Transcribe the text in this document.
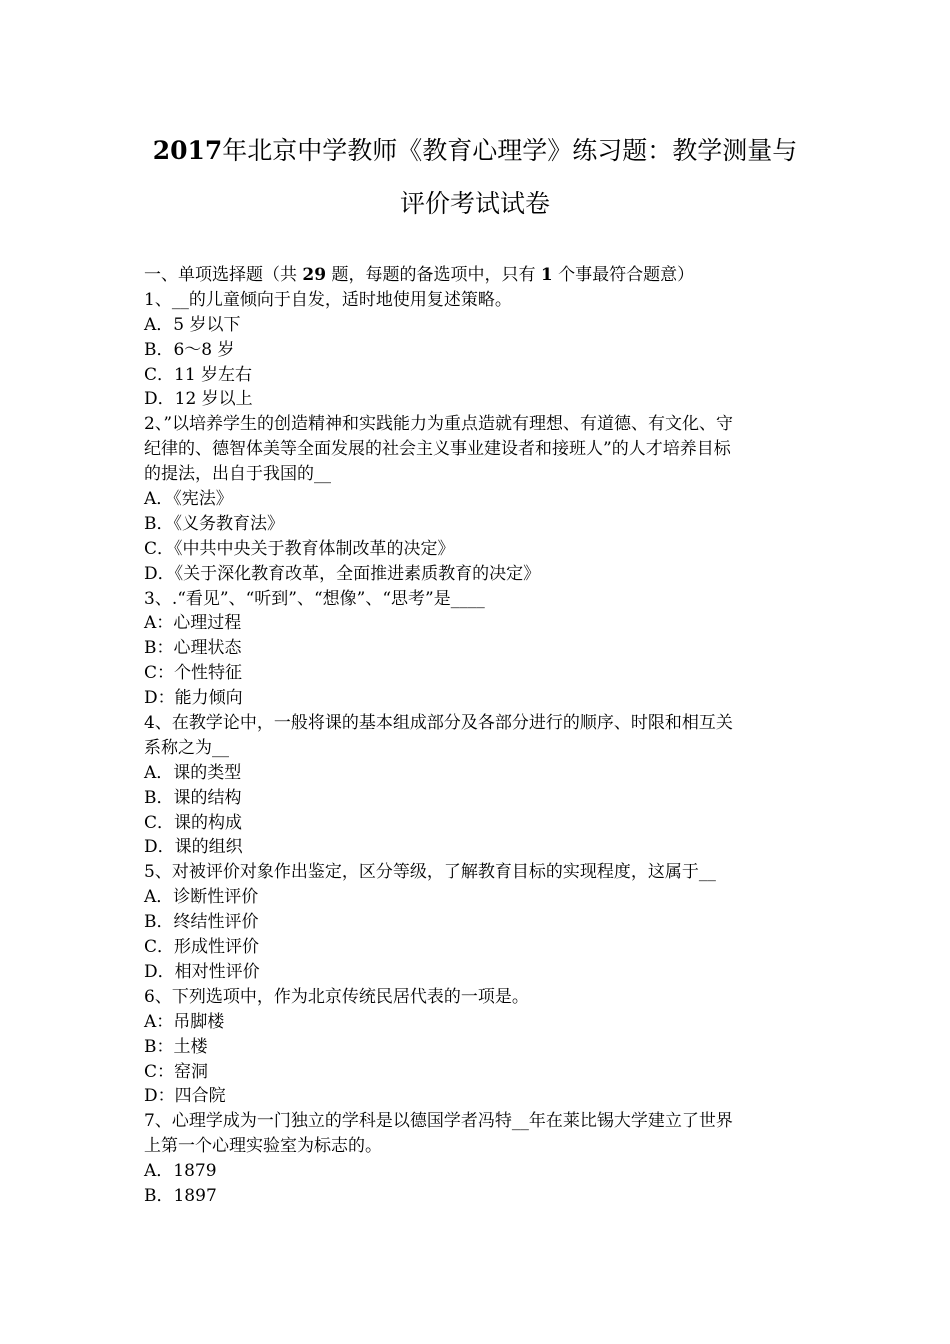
2017年北京中学教师《教育心理学》练习题：教学测量与
评价考试试卷
一、单项选择题（共 29 题，每题的备选项中，只有 1 个事最符合题意）
1、__的儿童倾向于自发，适时地使用复述策略。
A．5 岁以下
B．6～8 岁
C．11 岁左右
D．12 岁以上
2、”以培养学生的创造精神和实践能力为重点造就有理想、有道德、有文化、守
纪律的、德智体美等全面发展的社会主义事业建设者和接班人”的人才培养目标
的提法，出自于我国的__
A．《宪法》
B．《义务教育法》
C．《中共中央关于教育体制改革的决定》
D．《关于深化教育改革，全面推进素质教育的决定》
3、.“看见”、“听到”、“想像”、“思考”是____
A：心理过程
B：心理状态
C：个性特征
D：能力倾向
4、在教学论中，一般将课的基本组成部分及各部分进行的顺序、时限和相互关
系称之为__
A．课的类型
B．课的结构
C．课的构成
D．课的组织
5、对被评价对象作出鉴定，区分等级，了解教育目标的实现程度，这属于__
A．诊断性评价
B．终结性评价
C．形成性评价
D．相对性评价
6、下列选项中，作为北京传统民居代表的一项是。
A：吊脚楼
B：土楼
C：窑洞
D：四合院
7、心理学成为一门独立的学科是以德国学者冯特__年在莱比锡大学建立了世界
上第一个心理实验室为标志的。
A．1879
B．1897
